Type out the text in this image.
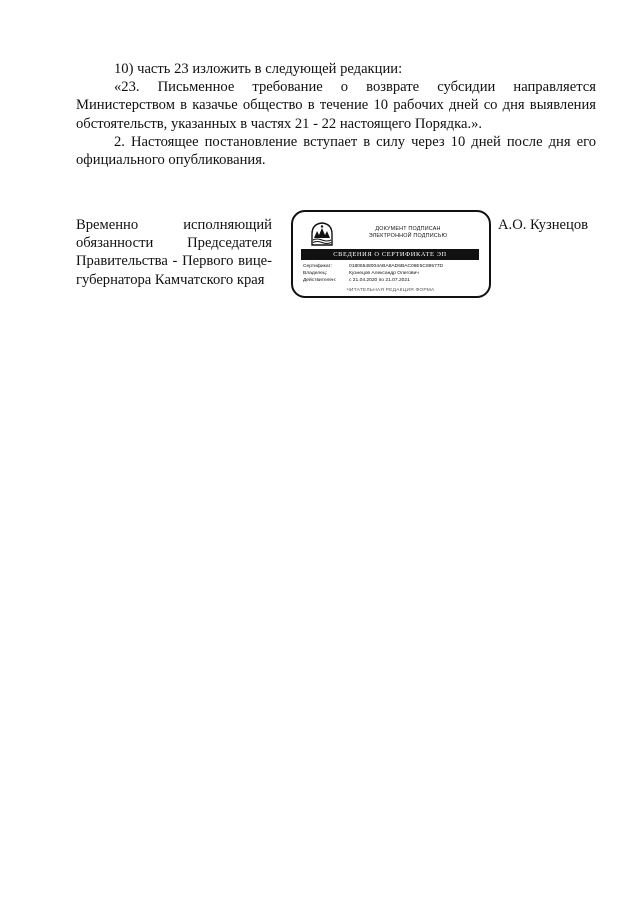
10) часть 23 изложить в следующей редакции:

«23. Письменное требование о возврате субсидии направляется Министерством в казачье общество в течение 10 рабочих дней со дня выявления обстоятельств, указанных в частях 21 - 22 настоящего Порядка.».

2. Настоящее постановление вступает в силу через 10 дней после дня его официального опубликования.

Временно исполняющий
обязанности Председателя
Правительства - Первого вице-
губернатора Камчатского края
ДОКУМЕНТ ПОДПИСАН
ЭЛЕКТРОННОЙ ПОДПИСЬЮ
СВЕДЕНИЯ О СЕРТИФИКАТЕ ЭП
Сертификат:	01806548004ABA8AD6BAC06E5C89577D
Владелец:	Кузнецов Александр Олегович
Действителен:	с 21.04.2020 по 21.07.2021
ЧИТАТЕЛЬНАЯ РЕДАКЦИЯ ФОРМА
А.О. Кузнецов
